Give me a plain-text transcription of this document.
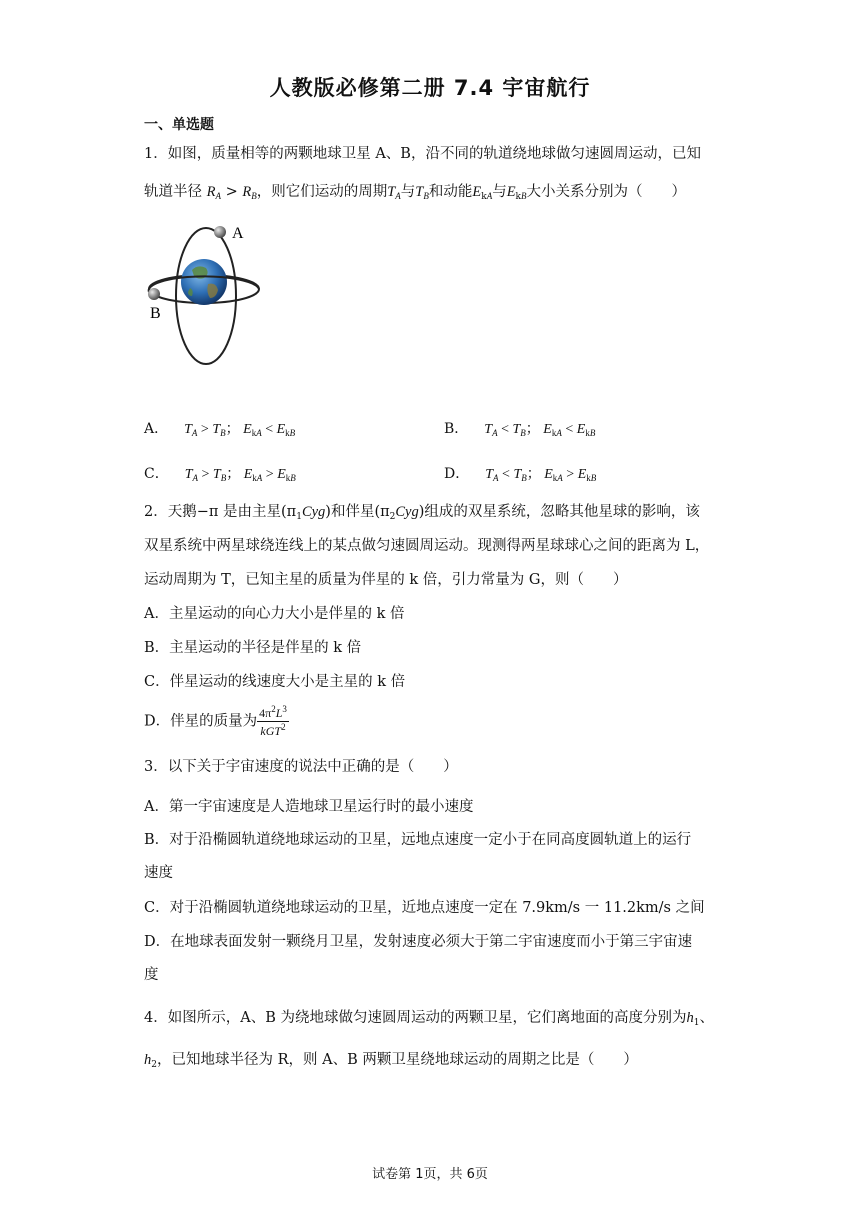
人教版必修第二册 7.4 宇宙航行
一、单选题
1．如图，质量相等的两颗地球卫星 A、B，沿不同的轨道绕地球做匀速圆周运动，已知
轨道半径 $R_A > R_B$，则它们运动的周期$T_A$与$T_B$和动能$E_{kA}$与$E_{kB}$大小关系分别为（　　）
A
B
A． $T_A > T_B$； $E_{kA} < E_{kB}$	B． $T_A < T_B$； $E_{kA} < E_{kB}$
C． $T_A > T_B$； $E_{kA} > E_{kB}$	D． $T_A < T_B$； $E_{kA} > E_{kB}$
2．天鹅−π 是由主星$(\pi_1Cyg)$和伴星$(\pi_2Cyg)$组成的双星系统，忽略其他星球的影响，该
双星系统中两星球绕连线上的某点做匀速圆周运动。现测得两星球球心之间的距离为 L，
运动周期为 T，已知主星的质量为伴星的 k 倍，引力常量为 G，则（　　）
A．主星运动的向心力大小是伴星的 k 倍
B．主星运动的半径是伴星的 k 倍
C．伴星运动的线速度大小是主星的 k 倍
D．伴星的质量为 $\frac{4\pi^2L^3}{kGT^2}$
3．以下关于宇宙速度的说法中正确的是（　　）
A．第一宇宙速度是人造地球卫星运行时的最小速度
B．对于沿椭圆轨道绕地球运动的卫星，远地点速度一定小于在同高度圆轨道上的运行
速度
C．对于沿椭圆轨道绕地球运动的卫星，近地点速度一定在 7.9km/s 一 11.2km/s 之间
D．在地球表面发射一颗绕月卫星，发射速度必须大于第二宇宙速度而小于第三宇宙速
度
4．如图所示，A、B 为绕地球做匀速圆周运动的两颗卫星，它们离地面的高度分别为$h_1$、
$h_2$，已知地球半径为 R，则 A、B 两颗卫星绕地球运动的周期之比是（　　）
试卷第 1页，共 6页
